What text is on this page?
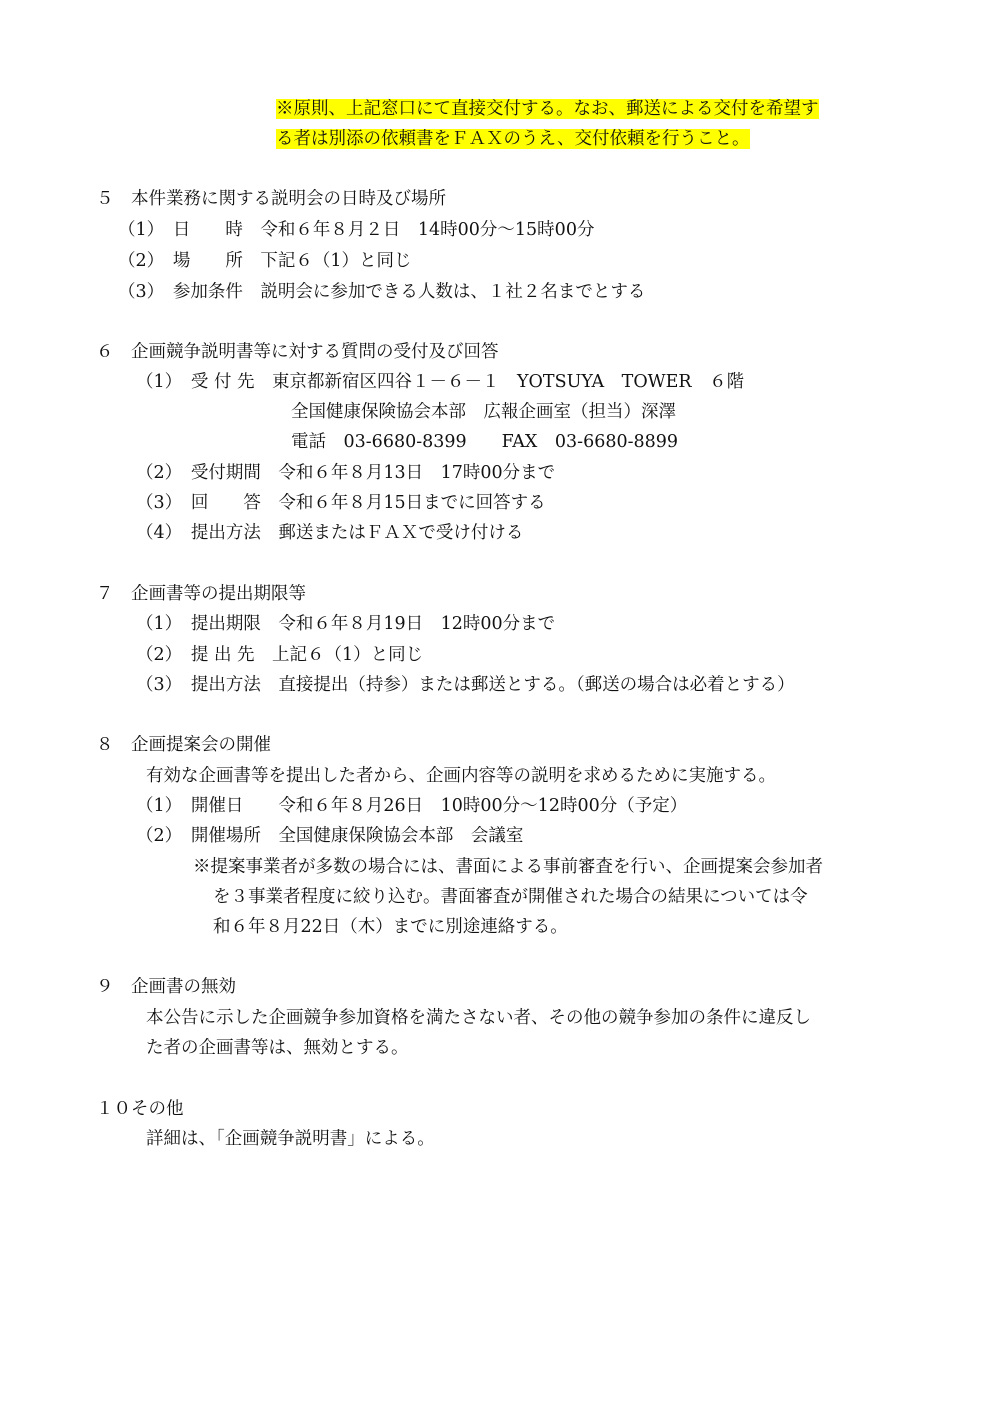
※原則、上記窓口にて直接交付する。なお、郵送による交付を希望す
る者は別添の依頼書をＦＡＸのうえ、交付依頼を行うこと。
５　本件業務に関する説明会の日時及び場所
（1）　日　　時　令和６年８月２日　14時00分～15時00分
（2）　場　　所　下記６（1）と同じ
（3）　参加条件　説明会に参加できる人数は、１社２名までとする
６　企画競争説明書等に対する質問の受付及び回答
（1）　受 付 先　東京都新宿区四谷１－６－１　YOTSUYA　TOWER　６階
全国健康保険協会本部　広報企画室（担当）深澤
電話　03-6680-8399　　FAX　03-6680-8899
（2）　受付期間　令和６年８月13日　17時00分まで
（3）　回　　答　令和６年８月15日までに回答する
（4）　提出方法　郵送またはＦＡＸで受け付ける
７　企画書等の提出期限等
（1）　提出期限　令和６年８月19日　12時00分まで
（2）　提 出 先　上記６（1）と同じ
（3）　提出方法　直接提出（持参）または郵送とする。（郵送の場合は必着とする）
８　企画提案会の開催
有効な企画書等を提出した者から、企画内容等の説明を求めるために実施する。
（1）　開催日　　令和６年８月26日　10時00分～12時00分（予定）
（2）　開催場所　全国健康保険協会本部　会議室
※提案事業者が多数の場合には、書面による事前審査を行い、企画提案会参加者
を３事業者程度に絞り込む。書面審査が開催された場合の結果については令
和６年８月22日（木）までに別途連絡する。
９　企画書の無効
本公告に示した企画競争参加資格を満たさない者、その他の競争参加の条件に違反し
た者の企画書等は、無効とする。
１０その他
詳細は、「企画競争説明書」による。
